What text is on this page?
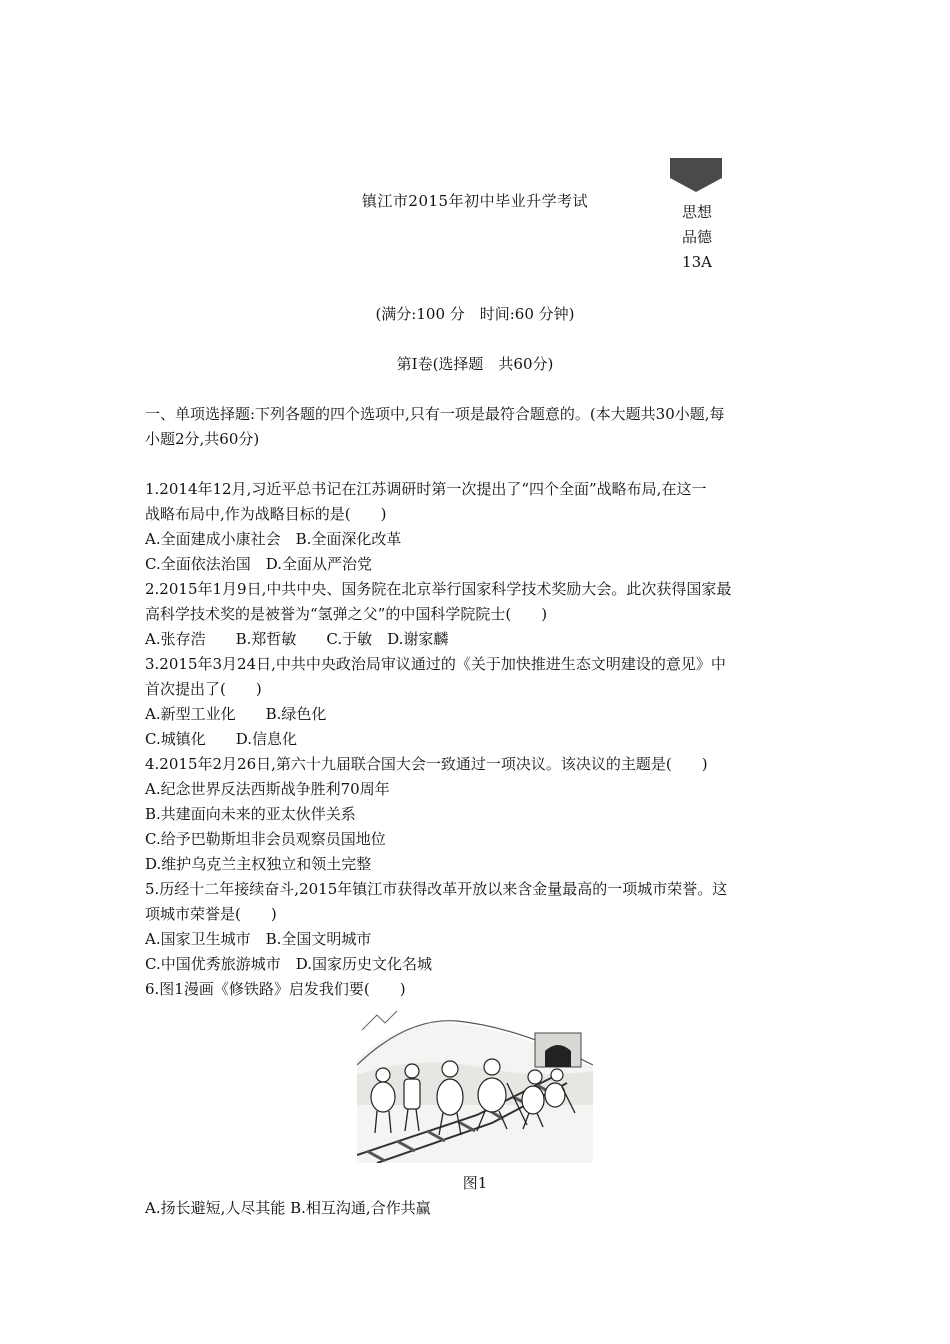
镇江市2015年初中毕业升学考试
思想
品德
13A
(满分:100 分　时间:60 分钟)
第Ⅰ卷(选择题　共60分)
一、单项选择题:下列各题的四个选项中,只有一项是最符合题意的。(本大题共30小题,每
小题2分,共60分)
1.2014年12月,习近平总书记在江苏调研时第一次提出了“四个全面”战略布局,在这一
战略布局中,作为战略目标的是(　　)
A.全面建成小康社会　B.全面深化改革
C.全面依法治国　D.全面从严治党
2.2015年1月9日,中共中央、国务院在北京举行国家科学技术奖励大会。此次获得国家最
高科学技术奖的是被誉为“氢弹之父”的中国科学院院士(　　)
A.张存浩　　B.郑哲敏　　C.于敏　D.谢家麟
3.2015年3月24日,中共中央政治局审议通过的《关于加快推进生态文明建设的意见》中
首次提出了(　　)
A.新型工业化　　B.绿色化
C.城镇化　　D.信息化
4.2015年2月26日,第六十九届联合国大会一致通过一项决议。该决议的主题是(　　)
A.纪念世界反法西斯战争胜利70周年
B.共建面向未来的亚太伙伴关系
C.给予巴勒斯坦非会员观察员国地位
D.维护乌克兰主权独立和领土完整
5.历经十二年接续奋斗,2015年镇江市获得改革开放以来含金量最高的一项城市荣誉。这
项城市荣誉是(　　)
A.国家卫生城市　B.全国文明城市
C.中国优秀旅游城市　D.国家历史文化名城
6.图1漫画《修铁路》启发我们要(　　)
图1
A.扬长避短,人尽其能 B.相互沟通,合作共赢
